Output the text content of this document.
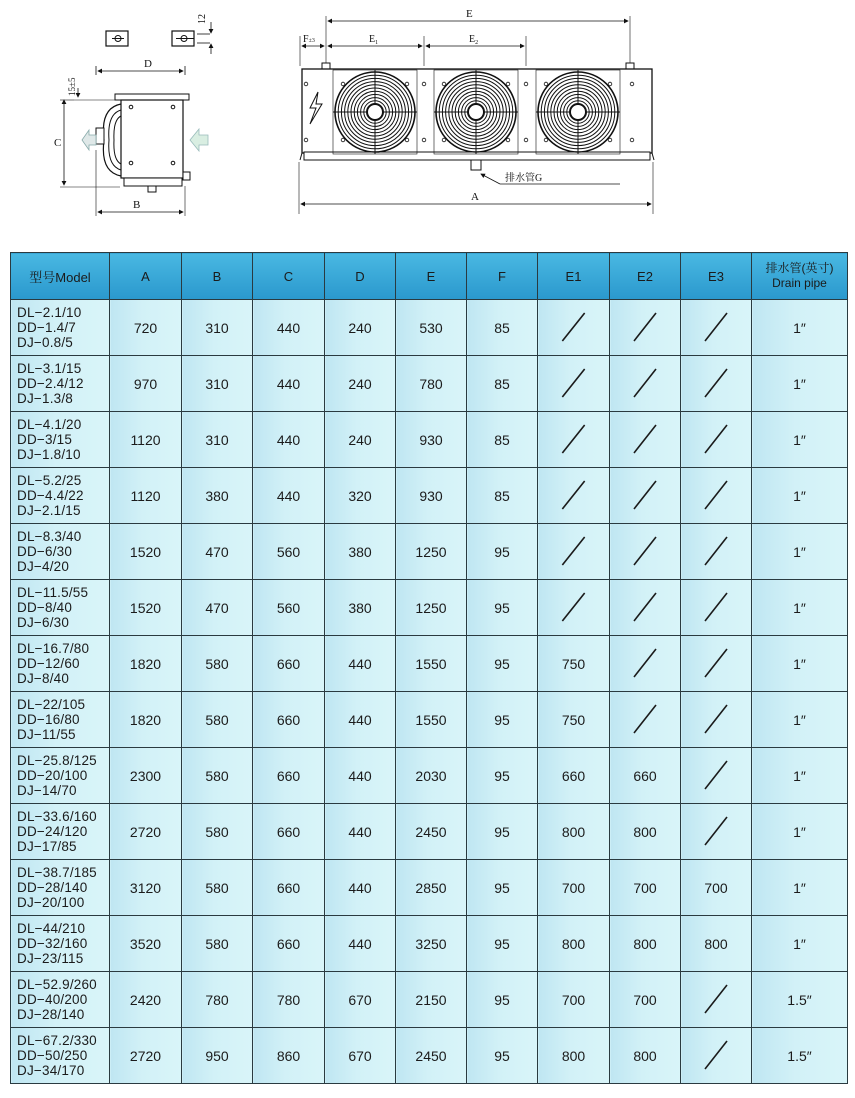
12
D
15±5
C
B
E
F±3	$E_1$	$E_2$
排水管G
A
型号Model	A	B	C	D	E	F	E1	E2	E3	排水管(英寸)
Drain pipe

DL−2.1/10
DD−1.4/7
DJ−0.8/5	720	310	440	240	530	85				1″

DL−3.1/15
DD−2.4/12
DJ−1.3/8	970	310	440	240	780	85				1″

DL−4.1/20
DD−3/15
DJ−1.8/10	1120	310	440	240	930	85				1″

DL−5.2/25
DD−4.4/22
DJ−2.1/15	1120	380	440	320	930	85				1″

DL−8.3/40
DD−6/30
DJ−4/20	1520	470	560	380	1250	95				1″

DL−11.5/55
DD−8/40
DJ−6/30	1520	470	560	380	1250	95				1″

DL−16.7/80
DD−12/60
DJ−8/40	1820	580	660	440	1550	95	750			1″

DL−22/105
DD−16/80
DJ−11/55	1820	580	660	440	1550	95	750			1″

DL−25.8/125
DD−20/100
DJ−14/70	2300	580	660	440	2030	95	660	660		1″

DL−33.6/160
DD−24/120
DJ−17/85	2720	580	660	440	2450	95	800	800		1″

DL−38.7/185
DD−28/140
DJ−20/100	3120	580	660	440	2850	95	700	700	700	1″

DL−44/210
DD−32/160
DJ−23/115	3520	580	660	440	3250	95	800	800	800	1″

DL−52.9/260
DD−40/200
DJ−28/140	2420	780	780	670	2150	95	700	700		1.5″

DL−67.2/330
DD−50/250
DJ−34/170	2720	950	860	670	2450	95	800	800		1.5″
